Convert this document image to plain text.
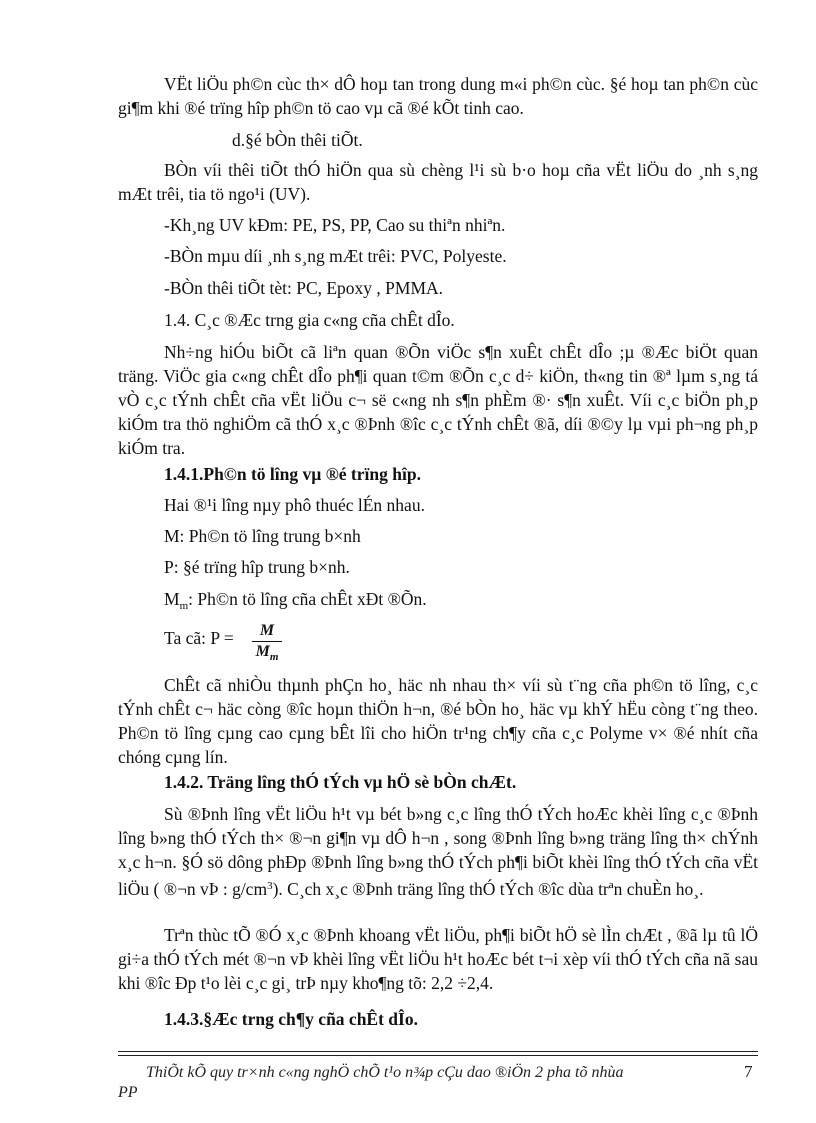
VËt liÖu ph©n cùc th× dÔ hoµ tan trong dung m«i ph©n cùc. §é hoµ tan ph©n cùc gi¶m khi ®é trïng hîp ph©n tö cao vµ cã ®é kÕt tinh cao.

d.§é bÒn thêi tiÕt.

BÒn víi thêi tiÕt thÓ hiÖn qua sù chèng l¹i sù b·o hoµ cña vËt liÖu do ¸nh s¸ng mÆt trêi, tia tö ngo¹i (UV).

-Kh¸ng UV kÐm: PE, PS, PP, Cao su thiªn nhiªn.

-BÒn mµu díi ¸nh s¸ng mÆt trêi: PVC, Polyeste.

-BÒn thêi tiÕt tèt: PC, Epoxy , PMMA.

1.4. C¸c ®Æc trng gia c«ng cña chÊt dÎo.

Nh÷ng hiÓu biÕt cã liªn quan ®Õn viÖc s¶n xuÊt chÊt dÎo ;µ ®Æc biÖt quan träng. ViÖc gia c«ng chÊt dÎo ph¶i quan t©m ®Õn c¸c d÷ kiÖn, th«ng tin ®ª lµm s¸ng tá vÒ c¸c tÝnh chÊt cña vËt liÖu c¬ së c«ng nh s¶n phÈm ®· s¶n xuÊt. Víi c¸c biÖn ph¸p kiÓm tra thö nghiÖm cã thÓ x¸c ®Þnh ®îc c¸c tÝnh chÊt ®ã, díi ®©y lµ vµi ph¬ng ph¸p kiÓm tra.

1.4.1.Ph©n tö lîng vµ ®é trïng hîp.

Hai ®¹i lîng nµy phô thuéc lÉn nhau.

M: Ph©n tö lîng trung b×nh

P: §é trïng hîp trung b×nh.

$M_m$: Ph©n tö lîng cña chÊt xÐt ®Õn.

Ta cã: P =	M
$M_m$

ChÊt cã nhiÒu thµnh phÇn ho¸ häc nh nhau th× víi sù t¨ng cña ph©n tö lîng, c¸c tÝnh chÊt c¬ häc còng ®îc hoµn thiÖn h¬n, ®é bÒn ho¸ häc vµ khÝ hËu còng t¨ng theo. Ph©n tö lîng cµng cao cµng bÊt lîi cho hiÖn tr¹ng ch¶y cña c¸c Polyme v× ®é nhít cña chóng cµng lín.

1.4.2. Träng lîng thÓ tÝch vµ hÖ sè bÒn chÆt.

Sù ®Þnh lîng vËt liÖu h¹t vµ bét b»ng c¸c lîng thÓ tÝch hoÆc khèi lîng c¸c ®Þnh lîng b»ng thÓ tÝch th× ®¬n gi¶n vµ dÔ h¬n , song ®Þnh lîng b»ng träng lîng th× chÝnh x¸c h¬n. §Ó sö dông phÐp ®Þnh lîng b»ng thÓ tÝch ph¶i biÕt khèi lîng thÓ tÝch cña vËt liÖu ( ®¬n vÞ : $g/cm^3$). C¸ch x¸c ®Þnh träng lîng thÓ tÝch ®îc dùa trªn chuÈn ho¸.

Trªn thùc tÕ ®Ó x¸c ®Þnh khoang vËt liÖu, ph¶i biÕt hÖ sè lÌn chÆt , ®ã lµ tû lÖ gi÷a thÓ tÝch mét ®¬n vÞ khèi lîng vËt liÖu h¹t hoÆc bét t¬i xèp víi thÓ tÝch cña nã sau khi ®îc Ðp t¹o lèi c¸c gi¸ trÞ nµy kho¶ng tõ: 2,2 ÷2,4.

1.4.3.§Æc trng ch¶y cña chÊt dÎo.

ThiÕt kÕ quy tr×nh c«ng nghÖ chÕ t¹o n¾p cÇu dao ®iÖn 2 pha tõ nhùa
PP
7
